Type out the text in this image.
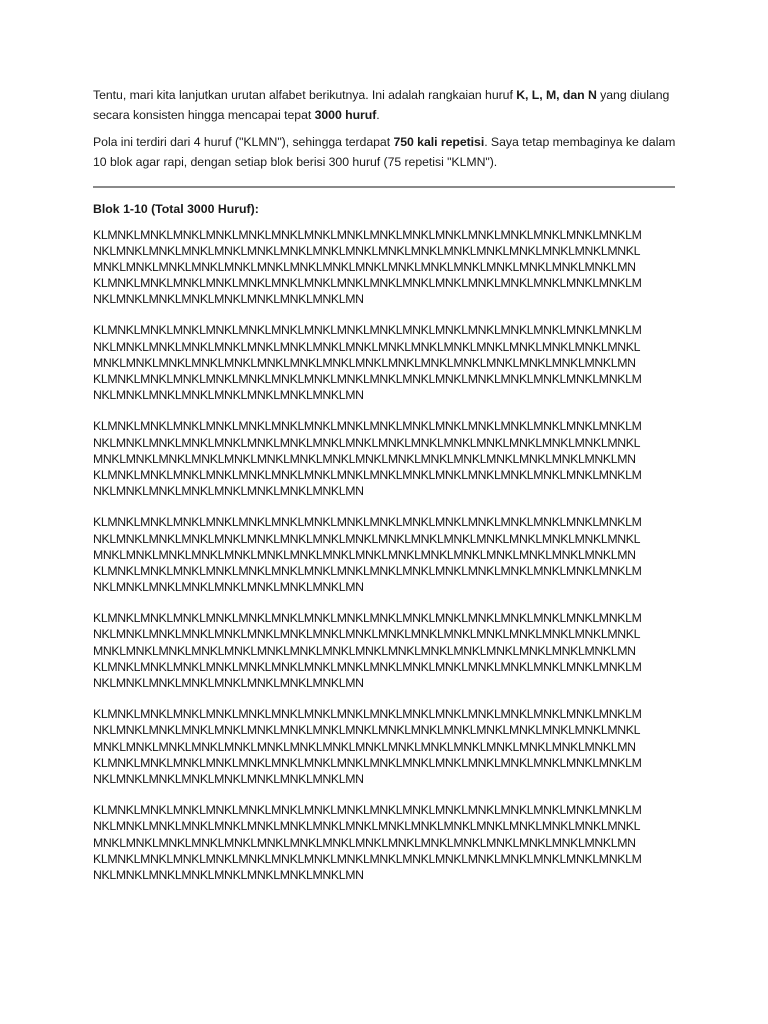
Tentu, mari kita lanjutkan urutan alfabet berikutnya. Ini adalah rangkaian huruf K, L, M, dan N yang diulang secara konsisten hingga mencapai tepat 3000 huruf.

Pola ini terdiri dari 4 huruf ("KLMN"), sehingga terdapat 750 kali repetisi. Saya tetap membaginya ke dalam 10 blok agar rapi, dengan setiap blok berisi 300 huruf (75 repetisi "KLMN").

Blok 1-10 (Total 3000 Huruf):

KLMNKLMNKLMNKLMNKLMNKLMNKLMNKLMNKLMNKLMNKLMNKLMNKLMNKLMNKLMNKLMNKLM
NKLMNKLMNKLMNKLMNKLMNKLMNKLMNKLMNKLMNKLMNKLMNKLMNKLMNKLMNKLMNKLMNKL
MNKLMNKLMNKLMNKLMNKLMNKLMNKLMNKLMNKLMNKLMNKLMNKLMNKLMNKLMNKLMNKLMN
KLMNKLMNKLMNKLMNKLMNKLMNKLMNKLMNKLMNKLMNKLMNKLMNKLMNKLMNKLMNKLMNKLM
NKLMNKLMNKLMNKLMNKLMNKLMNKLMNKLMN

KLMNKLMNKLMNKLMNKLMNKLMNKLMNKLMNKLMNKLMNKLMNKLMNKLMNKLMNKLMNKLMNKLM
NKLMNKLMNKLMNKLMNKLMNKLMNKLMNKLMNKLMNKLMNKLMNKLMNKLMNKLMNKLMNKLMNKL
MNKLMNKLMNKLMNKLMNKLMNKLMNKLMNKLMNKLMNKLMNKLMNKLMNKLMNKLMNKLMNKLMN
KLMNKLMNKLMNKLMNKLMNKLMNKLMNKLMNKLMNKLMNKLMNKLMNKLMNKLMNKLMNKLMNKLM
NKLMNKLMNKLMNKLMNKLMNKLMNKLMNKLMN

KLMNKLMNKLMNKLMNKLMNKLMNKLMNKLMNKLMNKLMNKLMNKLMNKLMNKLMNKLMNKLMNKLM
NKLMNKLMNKLMNKLMNKLMNKLMNKLMNKLMNKLMNKLMNKLMNKLMNKLMNKLMNKLMNKLMNKL
MNKLMNKLMNKLMNKLMNKLMNKLMNKLMNKLMNKLMNKLMNKLMNKLMNKLMNKLMNKLMNKLMN
KLMNKLMNKLMNKLMNKLMNKLMNKLMNKLMNKLMNKLMNKLMNKLMNKLMNKLMNKLMNKLMNKLM
NKLMNKLMNKLMNKLMNKLMNKLMNKLMNKLMN

KLMNKLMNKLMNKLMNKLMNKLMNKLMNKLMNKLMNKLMNKLMNKLMNKLMNKLMNKLMNKLMNKLM
NKLMNKLMNKLMNKLMNKLMNKLMNKLMNKLMNKLMNKLMNKLMNKLMNKLMNKLMNKLMNKLMNKL
MNKLMNKLMNKLMNKLMNKLMNKLMNKLMNKLMNKLMNKLMNKLMNKLMNKLMNKLMNKLMNKLMN
KLMNKLMNKLMNKLMNKLMNKLMNKLMNKLMNKLMNKLMNKLMNKLMNKLMNKLMNKLMNKLMNKLM
NKLMNKLMNKLMNKLMNKLMNKLMNKLMNKLMN

KLMNKLMNKLMNKLMNKLMNKLMNKLMNKLMNKLMNKLMNKLMNKLMNKLMNKLMNKLMNKLMNKLM
NKLMNKLMNKLMNKLMNKLMNKLMNKLMNKLMNKLMNKLMNKLMNKLMNKLMNKLMNKLMNKLMNKL
MNKLMNKLMNKLMNKLMNKLMNKLMNKLMNKLMNKLMNKLMNKLMNKLMNKLMNKLMNKLMNKLMN
KLMNKLMNKLMNKLMNKLMNKLMNKLMNKLMNKLMNKLMNKLMNKLMNKLMNKLMNKLMNKLMNKLM
NKLMNKLMNKLMNKLMNKLMNKLMNKLMNKLMN

KLMNKLMNKLMNKLMNKLMNKLMNKLMNKLMNKLMNKLMNKLMNKLMNKLMNKLMNKLMNKLMNKLM
NKLMNKLMNKLMNKLMNKLMNKLMNKLMNKLMNKLMNKLMNKLMNKLMNKLMNKLMNKLMNKLMNKL
MNKLMNKLMNKLMNKLMNKLMNKLMNKLMNKLMNKLMNKLMNKLMNKLMNKLMNKLMNKLMNKLMN
KLMNKLMNKLMNKLMNKLMNKLMNKLMNKLMNKLMNKLMNKLMNKLMNKLMNKLMNKLMNKLMNKLM
NKLMNKLMNKLMNKLMNKLMNKLMNKLMNKLMN

KLMNKLMNKLMNKLMNKLMNKLMNKLMNKLMNKLMNKLMNKLMNKLMNKLMNKLMNKLMNKLMNKLM
NKLMNKLMNKLMNKLMNKLMNKLMNKLMNKLMNKLMNKLMNKLMNKLMNKLMNKLMNKLMNKLMNKL
MNKLMNKLMNKLMNKLMNKLMNKLMNKLMNKLMNKLMNKLMNKLMNKLMNKLMNKLMNKLMNKLMN
KLMNKLMNKLMNKLMNKLMNKLMNKLMNKLMNKLMNKLMNKLMNKLMNKLMNKLMNKLMNKLMNKLM
NKLMNKLMNKLMNKLMNKLMNKLMNKLMNKLMN
